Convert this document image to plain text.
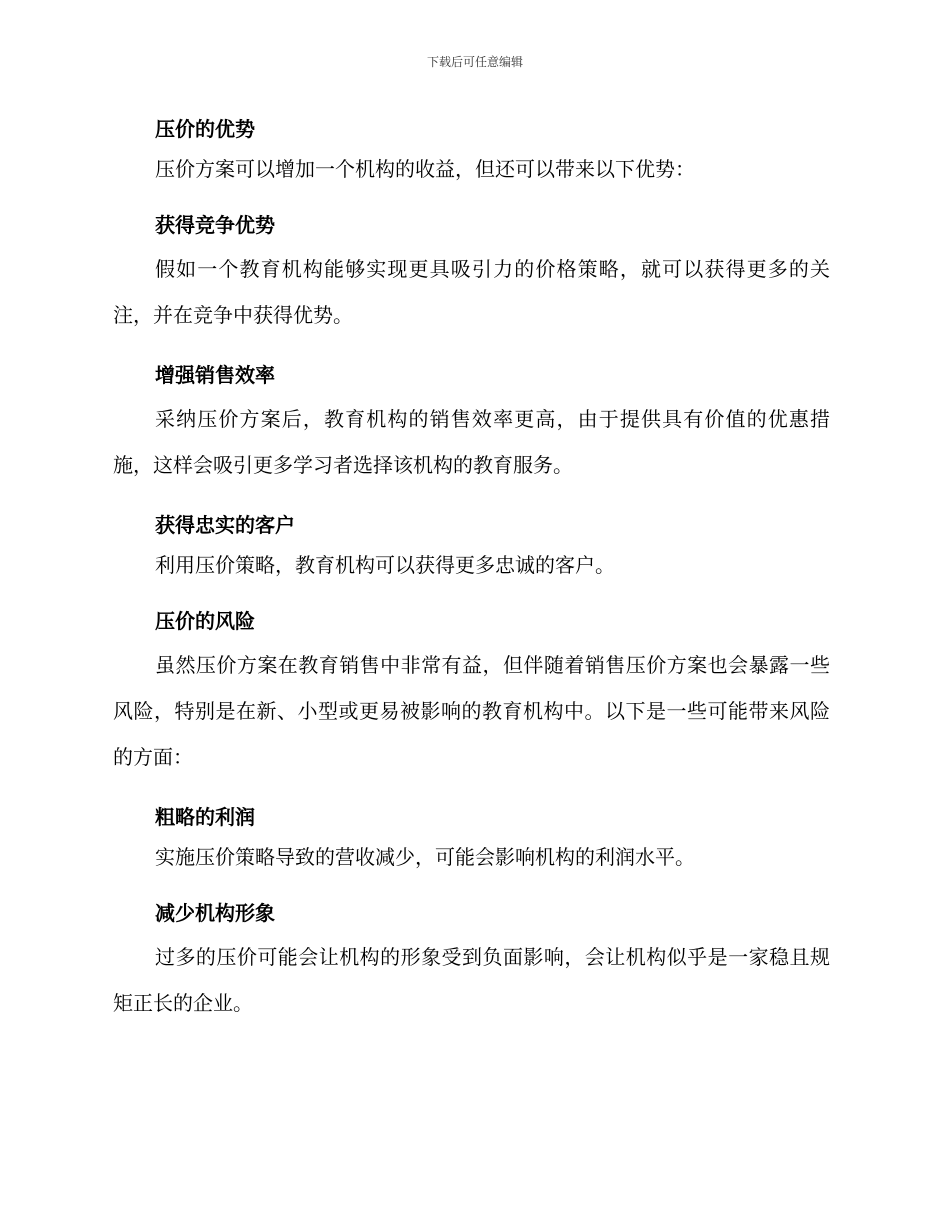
下载后可任意编辑
压价的优势
压价方案可以增加一个机构的收益，但还可以带来以下优势：
获得竞争优势
假如一个教育机构能够实现更具吸引力的价格策略，就可以获得更多的关注，并在竞争中获得优势。
增强销售效率
采纳压价方案后，教育机构的销售效率更高，由于提供具有价值的优惠措施，这样会吸引更多学习者选择该机构的教育服务。
获得忠实的客户
利用压价策略，教育机构可以获得更多忠诚的客户。
压价的风险
虽然压价方案在教育销售中非常有益，但伴随着销售压价方案也会暴露一些风险，特别是在新、小型或更易被影响的教育机构中。以下是一些可能带来风险的方面：
粗略的利润
实施压价策略导致的营收减少，可能会影响机构的利润水平。
减少机构形象
过多的压价可能会让机构的形象受到负面影响，会让机构似乎是一家稳且规矩正长的企业。
